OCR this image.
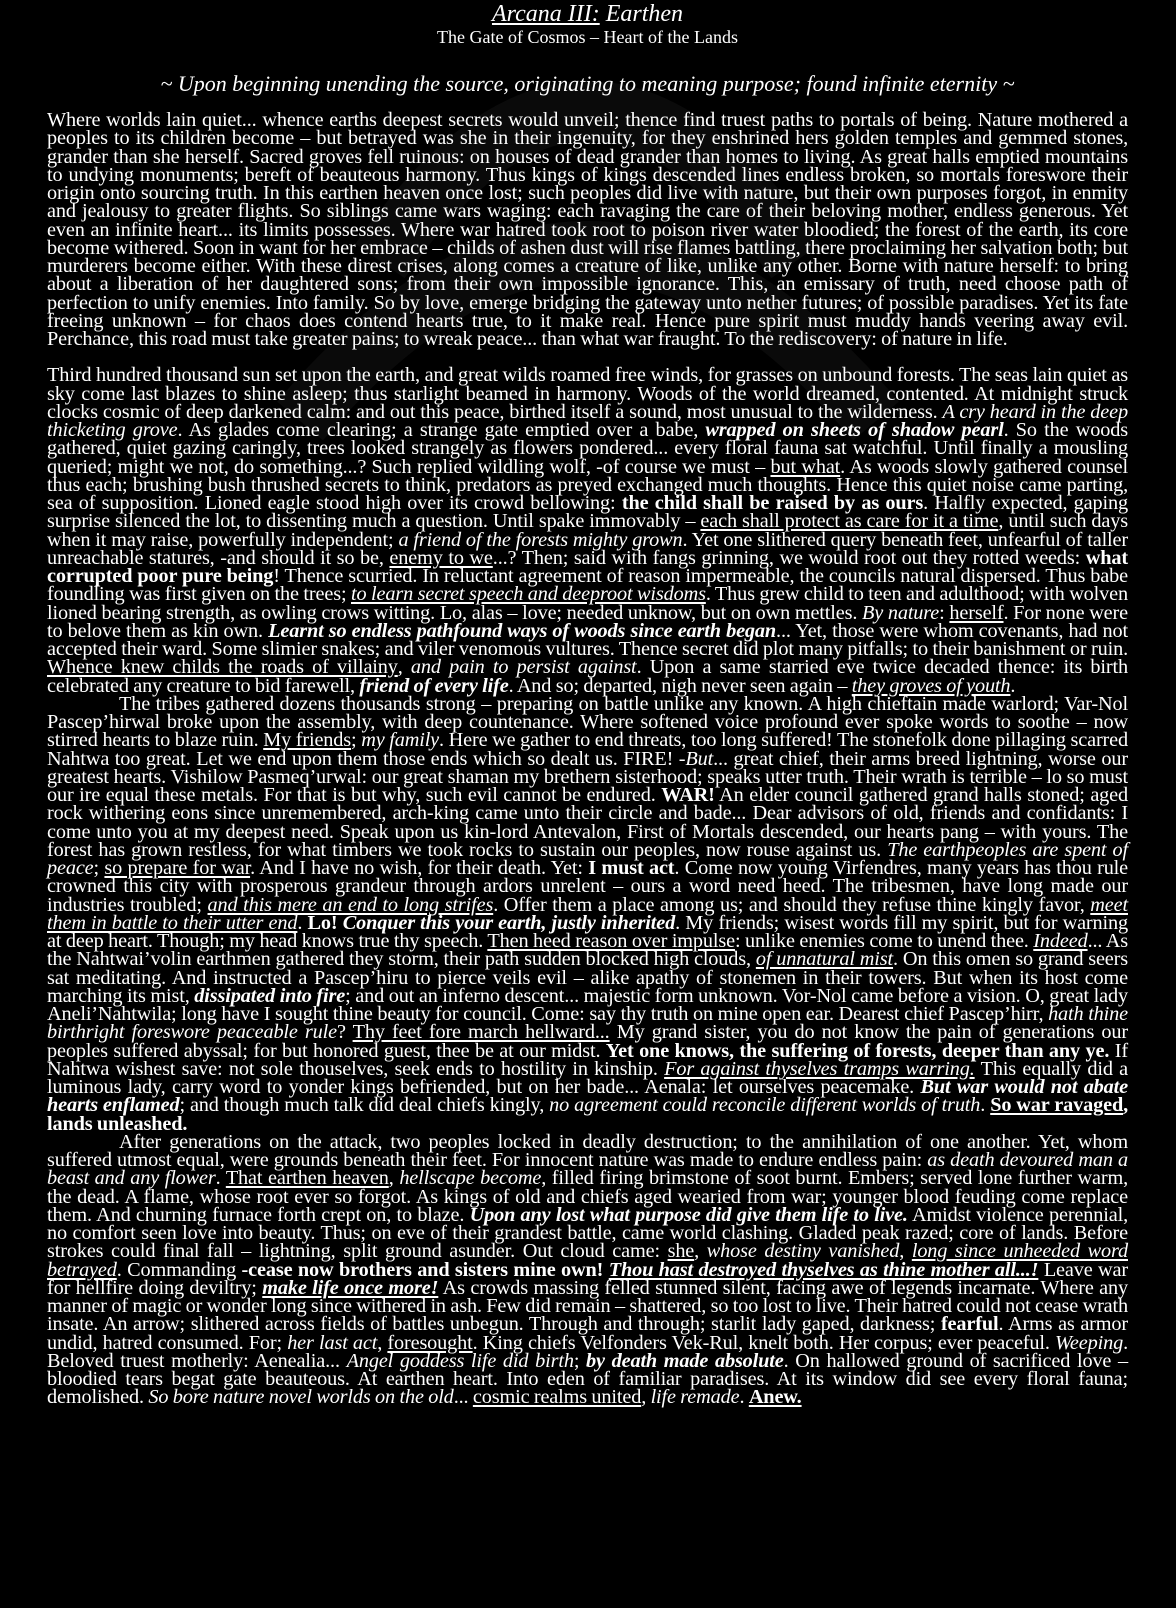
Arcana III: Earthen
The Gate of Cosmos – Heart of the Lands
~ Upon beginning unending the source, originating to meaning purpose; found infinite eternity ~

Where worlds lain quiet... whence earths deepest secrets would unveil; thence find truest paths to portals of being. Nature mothered a peoples to its children become – but betrayed was she in their ingenuity, for they enshrined hers golden temples and gemmed stones, grander than she herself. Sacred groves fell ruinous: on houses of dead grander than homes to living. As great halls emptied mountains to undying monuments; bereft of beauteous harmony. Thus kings of kings descended lines endless broken, so mortals foreswore their origin onto sourcing truth. In this earthen heaven once lost; such peoples did live with nature, but their own purposes forgot, in enmity and jealousy to greater flights. So siblings came wars waging: each ravaging the care of their beloving mother, endless generous. Yet even an infinite heart... its limits possesses. Where war hatred took root to poison river water bloodied; the forest of the earth, its core become withered. Soon in want for her embrace – childs of ashen dust will rise flames battling, there proclaiming her salvation both; but murderers become either. With these direst crises, along comes a creature of like, unlike any other. Borne with nature herself: to bring about a liberation of her daughtered sons; from their own impossible ignorance. This, an emissary of truth, need choose path of perfection to unify enemies. Into family. So by love, emerge bridging the gateway unto nether futures; of possible paradises. Yet its fate freeing unknown – for chaos does contend hearts true, to it make real. Hence pure spirit must muddy hands veering away evil. Perchance, this road must take greater pains; to wreak peace... than what war fraught. To the rediscovery: of nature in life.

Third hundred thousand sun set upon the earth, and great wilds roamed free winds, for grasses on unbound forests. The seas lain quiet as sky come last blazes to shine asleep; thus starlight beamed in harmony. Woods of the world dreamed, contented. At midnight struck clocks cosmic of deep darkened calm: and out this peace, birthed itself a sound, most unusual to the wilderness. A cry heard in the deep thicketing grove. As glades come clearing; a strange gate emptied over a babe, wrapped on sheets of shadow pearl. So the woods gathered, quiet gazing caringly, trees looked strangely as flowers pondered... every floral fauna sat watchful. Until finally a mousling queried; might we not, do something...? Such replied wildling wolf, -of course we must – but what. As woods slowly gathered counsel thus each; brushing bush thrushed secrets to think, predators as preyed exchanged much thoughts. Hence this quiet noise came parting, sea of supposition. Lioned eagle stood high over its crowd bellowing: the child shall be raised by as ours. Halfly expected, gaping surprise silenced the lot, to dissenting much a question. Until spake immovably – each shall protect as care for it a time, until such days when it may raise, powerfully independent; a friend of the forests mighty grown. Yet one slithered query beneath feet, unfearful of taller unreachable statures, -and should it so be, enemy to we...? Then; said with fangs grinning, we would root out they rotted weeds: what corrupted poor pure being! Thence scurried. In reluctant agreement of reason impermeable, the councils natural dispersed. Thus babe foundling was first given on the trees; to learn secret speech and deeproot wisdoms. Thus grew child to teen and adulthood; with wolven lioned bearing strength, as owling crows witting. Lo, alas – love; needed unknow, but on own mettles. By nature: herself. For none were to belove them as kin own. Learnt so endless pathfound ways of woods since earth began... Yet, those were whom covenants, had not accepted their ward. Some slimier snakes; and viler venomous vultures. Thence secret did plot many pitfalls; to their banishment or ruin. Whence knew childs the roads of villainy, and pain to persist against. Upon a same starried eve twice decaded thence: its birth celebrated any creature to bid farewell, friend of every life. And so; departed, nigh never seen again – they groves of youth.

The tribes gathered dozens thousands strong – preparing on battle unlike any known. A high chieftain made warlord; Var-Nol Pascep’hirwal broke upon the assembly, with deep countenance. Where softened voice profound ever spoke words to soothe – now stirred hearts to blaze ruin. My friends; my family. Here we gather to end threats, too long suffered! The stonefolk done pillaging scarred Nahtwa too great. Let we end upon them those ends which so dealt us. FIRE! -But... great chief, their arms breed lightning, worse our greatest hearts. Vishilow Pasmeq’urwal: our great shaman my brethern sisterhood; speaks utter truth. Their wrath is terrible – lo so must our ire equal these metals. For that is but why, such evil cannot be endured. WAR! An elder council gathered grand halls stoned; aged rock withering eons since unremembered, arch-king came unto their circle and bade... Dear advisors of old, friends and confidants: I come unto you at my deepest need. Speak upon us kin-lord Antevalon, First of Mortals descended, our hearts pang – with yours. The forest has grown restless, for what timbers we took rocks to sustain our peoples, now rouse against us. The earthpeoples are spent of peace; so prepare for war. And I have no wish, for their death. Yet: I must act. Come now young Virfendres, many years has thou rule crowned this city with prosperous grandeur through ardors unrelent – ours a word need heed. The tribesmen, have long made our industries troubled; and this mere an end to long strifes. Offer them a place among us; and should they refuse thine kingly favor, meet them in battle to their utter end. Lo! Conquer this your earth, justly inherited. My friends; wisest words fill my spirit, but for warning at deep heart. Though; my head knows true thy speech. Then heed reason over impulse: unlike enemies come to unend thee. Indeed... As the Nahtwai’volin earthmen gathered they storm, their path sudden blocked high clouds, of unnatural mist. On this omen so grand seers sat meditating. And instructed a Pascep’hiru to pierce veils evil – alike apathy of stonemen in their towers. But when its host come marching its mist, dissipated into fire; and out an inferno descent... majestic form unknown. Vor-Nol came before a vision. O, great lady Aneli’Nahtwila; long have I sought thine beauty for council. Come: say thy truth on mine open ear. Dearest chief Pascep’hirr, hath thine birthright foreswore peaceable rule? Thy feet fore march hellward... My grand sister, you do not know the pain of generations our peoples suffered abyssal; for but honored guest, thee be at our midst. Yet one knows, the suffering of forests, deeper than any ye. If Nahtwa wishest save: not sole thouselves, seek ends to hostility in kinship. For against thyselves tramps warring. This equally did a luminous lady, carry word to yonder kings befriended, but on her bade... Aenala: let ourselves peacemake. But war would not abate hearts enflamed; and though much talk did deal chiefs kingly, no agreement could reconcile different worlds of truth. So war ravaged, lands unleashed.

After generations on the attack, two peoples locked in deadly destruction; to the annihilation of one another. Yet, whom suffered utmost equal, were grounds beneath their feet. For innocent nature was made to endure endless pain: as death devoured man a beast and any flower. That earthen heaven, hellscape become, filled firing brimstone of soot burnt. Embers; served lone further warm, the dead. A flame, whose root ever so forgot. As kings of old and chiefs aged wearied from war; younger blood feuding come replace them. And churning furnace forth crept on, to blaze. Upon any lost what purpose did give them life to live. Amidst violence perennial, no comfort seen love into beauty. Thus; on eve of their grandest battle, came world clashing. Gladed peak razed; core of lands. Before strokes could final fall – lightning, split ground asunder. Out cloud came: she, whose destiny vanished, long since unheeded word betrayed. Commanding -cease now brothers and sisters mine own! Thou hast destroyed thyselves as thine mother all...! Leave war for hellfire doing deviltry; make life once more! As crowds massing felled stunned silent, facing awe of legends incarnate. Where any manner of magic or wonder long since withered in ash. Few did remain – shattered, so too lost to live. Their hatred could not cease wrath insate. An arrow; slithered across fields of battles unbegun. Through and through; starlit lady gaped, darkness; fearful. Arms as armor undid, hatred consumed. For; her last act, foresought. King chiefs Velfonders Vek-Rul, knelt both. Her corpus; ever peaceful. Weeping. Beloved truest motherly: Aenealia... Angel goddess life did birth; by death made absolute. On hallowed ground of sacrificed love – bloodied tears begat gate beauteous. At earthen heart. Into eden of familiar paradises. At its window did see every floral fauna; demolished. So bore nature novel worlds on the old... cosmic realms united, life remade. Anew.
